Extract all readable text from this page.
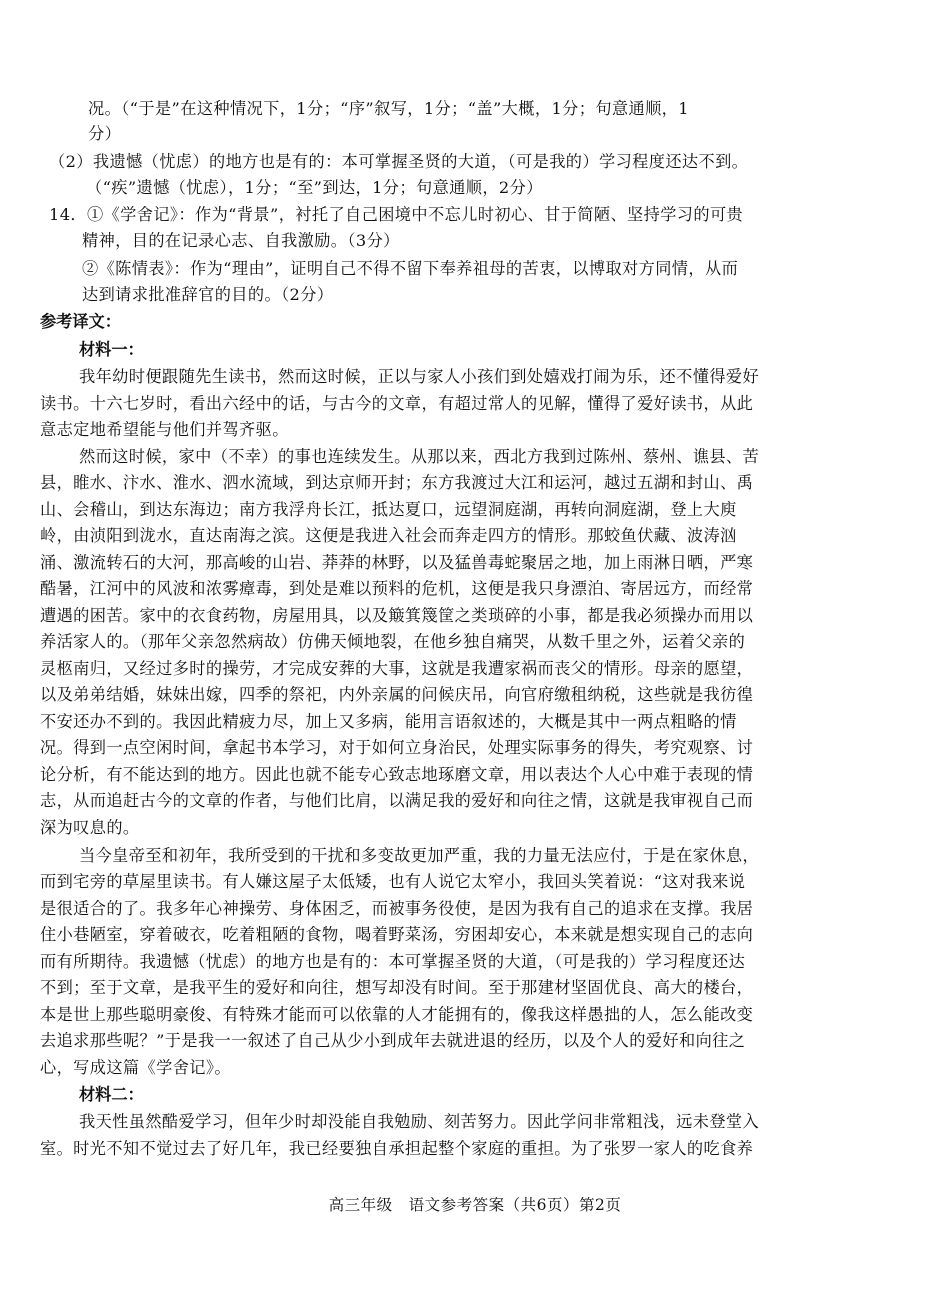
况。（“于是”在这种情况下，1分；“序”叙写，1分；“盖”大概，1分；句意通顺，1
分）
（2）我遗憾（忧虑）的地方也是有的：本可掌握圣贤的大道，（可是我的）学习程度还达不到。
（“疾”遗憾（忧虑），1分；“至”到达，1分；句意通顺，2分）
14．①《学舍记》：作为“背景”，衬托了自己困境中不忘儿时初心、甘于简陋、坚持学习的可贵
精神，目的在记录心志、自我激励。（3分）
②《陈情表》：作为“理由”，证明自己不得不留下奉养祖母的苦衷，以博取对方同情，从而
达到请求批准辞官的目的。（2分）
参考译文：
材料一：
我年幼时便跟随先生读书，然而这时候，正以与家人小孩们到处嬉戏打闹为乐，还不懂得爱好
读书。十六七岁时，看出六经中的话，与古今的文章，有超过常人的见解，懂得了爱好读书，从此
意志定地希望能与他们并驾齐驱。
然而这时候，家中（不幸）的事也连续发生。从那以来，西北方我到过陈州、蔡州、谯县、苦
县，睢水、汴水、淮水、泗水流域，到达京师开封；东方我渡过大江和运河，越过五湖和封山、禹
山、会稽山，到达东海边；南方我浮舟长江，抵达夏口，远望洞庭湖，再转向洞庭湖，登上大庾
岭，由浈阳到泷水，直达南海之滨。这便是我进入社会而奔走四方的情形。那蛟鱼伏藏、波涛汹
涌、激流转石的大河，那高峻的山岩、莽莽的林野，以及猛兽毒蛇聚居之地，加上雨淋日晒，严寒
酷暑，江河中的风波和浓雾瘴毒，到处是难以预料的危机，这便是我只身漂泊、寄居远方，而经常
遭遇的困苦。家中的衣食药物，房屋用具，以及簸箕篾筐之类琐碎的小事，都是我必须操办而用以
养活家人的。（那年父亲忽然病故）仿佛天倾地裂，在他乡独自痛哭，从数千里之外，运着父亲的
灵柩南归，又经过多时的操劳，才完成安葬的大事，这就是我遭家祸而丧父的情形。母亲的愿望，
以及弟弟结婚，妹妹出嫁，四季的祭祀，内外亲属的问候庆吊，向官府缴租纳税，这些就是我彷徨
不安还办不到的。我因此精疲力尽，加上又多病，能用言语叙述的，大概是其中一两点粗略的情
况。得到一点空闲时间，拿起书本学习，对于如何立身治民，处理实际事务的得失，考究观察、讨
论分析，有不能达到的地方。因此也就不能专心致志地琢磨文章，用以表达个人心中难于表现的情
志，从而追赶古今的文章的作者，与他们比肩，以满足我的爱好和向往之情，这就是我审视自己而
深为叹息的。
当今皇帝至和初年，我所受到的干扰和多变故更加严重，我的力量无法应付，于是在家休息，
而到宅旁的草屋里读书。有人嫌这屋子太低矮，也有人说它太窄小，我回头笑着说：“这对我来说
是很适合的了。我多年心神操劳、身体困乏，而被事务役使，是因为我有自己的追求在支撑。我居
住小巷陋室，穿着破衣，吃着粗陋的食物，喝着野菜汤，穷困却安心，本来就是想实现自己的志向
而有所期待。我遗憾（忧虑）的地方也是有的：本可掌握圣贤的大道，（可是我的）学习程度还达
不到；至于文章，是我平生的爱好和向往，想写却没有时间。至于那建材坚固优良、高大的楼台，
本是世上那些聪明豪俊、有特殊才能而可以依靠的人才能拥有的，像我这样愚拙的人，怎么能改变
去追求那些呢？”于是我一一叙述了自己从少小到成年去就进退的经历，以及个人的爱好和向往之
心，写成这篇《学舍记》。
材料二：
我天性虽然酷爱学习，但年少时却没能自我勉励、刻苦努力。因此学问非常粗浅，远未登堂入
室。时光不知不觉过去了好几年，我已经要独自承担起整个家庭的重担。为了张罗一家人的吃食养
高三年级　语文参考答案（共6页）第2页
